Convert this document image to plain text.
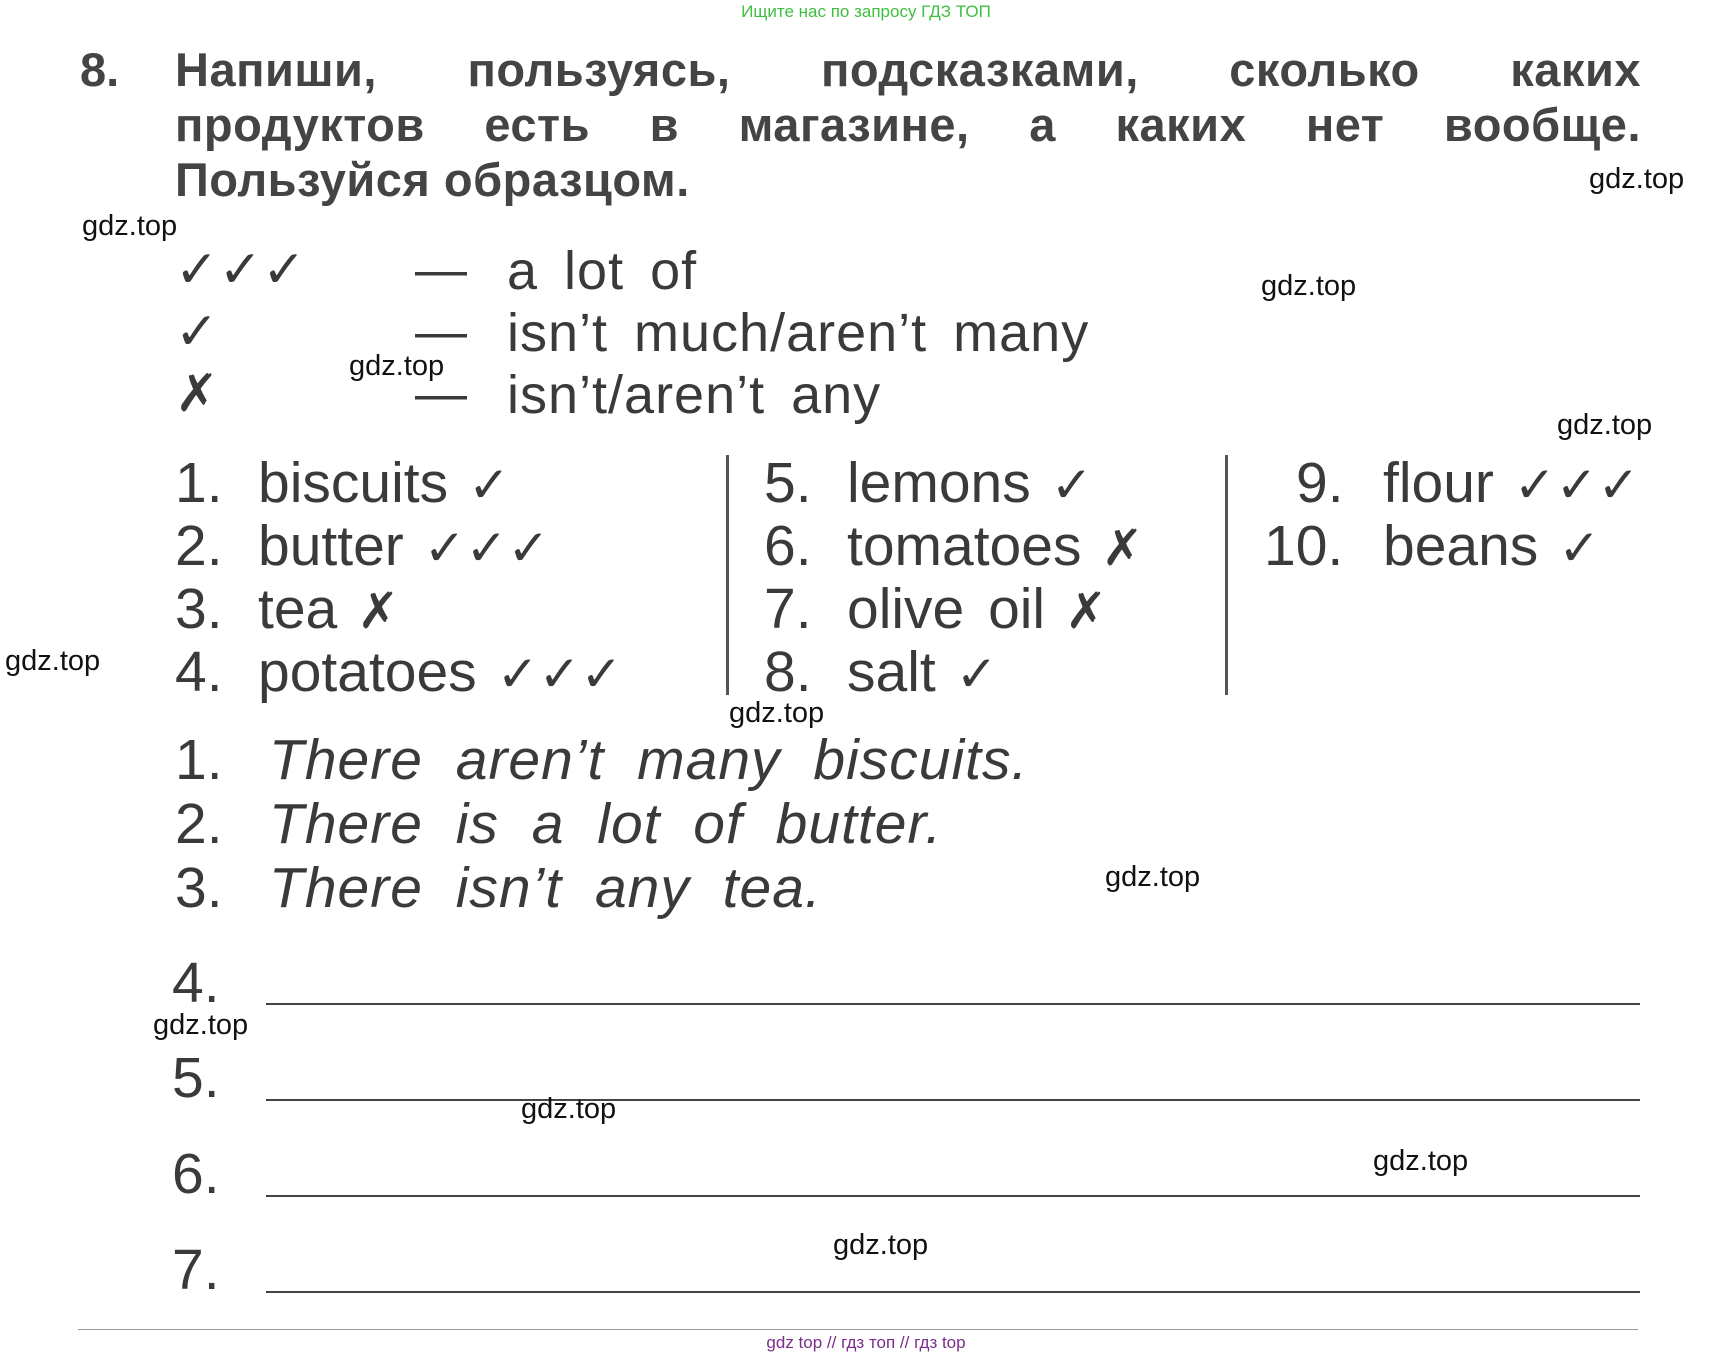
Ищите нас по запросу ГДЗ ТОП
8. Напиши, пользуясь, подсказками, сколько каких
продуктов есть в магазине, а каких нет вообще.
Пользуйся образцом.
✓✓✓ — a lot of
✓	— isn’t much/aren’t many
✗	— isn’t/aren’t any
1. biscuits ✓
2. butter ✓✓✓
3. tea ✗
4. potatoes ✓✓✓
5. lemons ✓
6. tomatoes ✗
7. olive oil ✗
8. salt ✓
9. flour ✓✓✓
10. beans ✓
1. There aren’t many biscuits.
2. There is a lot of butter.
3. There isn’t any tea.
4.
5.
6.
7.
gdz.top
gdz.top
gdz.top
gdz.top
gdz.top
gdz.top
gdz.top
gdz.top
gdz.top
gdz.top
gdz.top
gdz.top
gdz top // гдз топ // гдз top
